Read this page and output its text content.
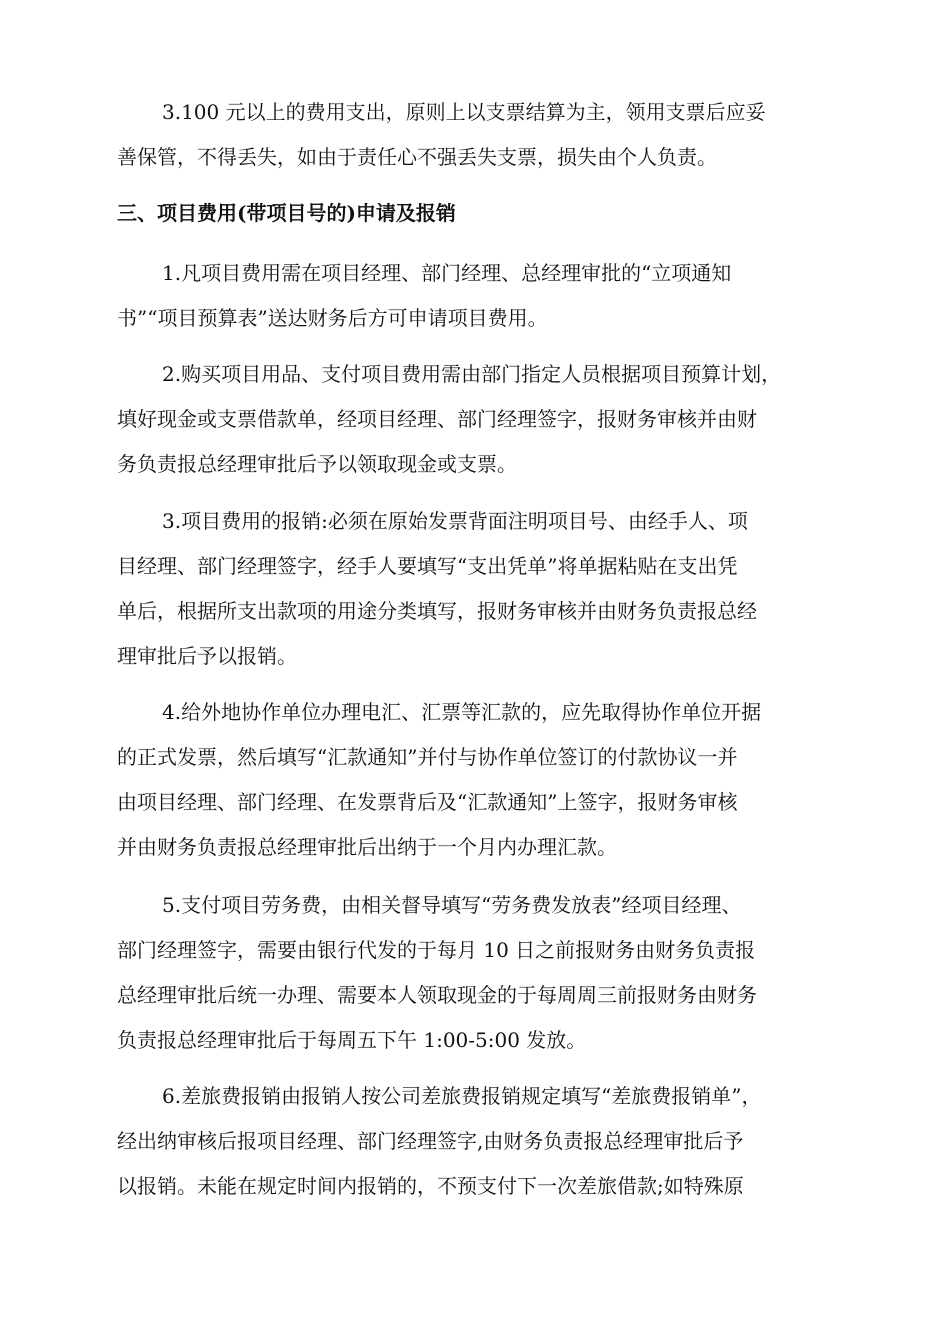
3.100 元以上的费用支出，原则上以支票结算为主，领用支票后应妥
善保管，不得丢失，如由于责任心不强丢失支票，损失由个人负责。
三、项目费用(带项目号的)申请及报销
1.凡项目费用需在项目经理、部门经理、总经理审批的“立项通知
书”“项目预算表”送达财务后方可申请项目费用。
2.购买项目用品、支付项目费用需由部门指定人员根据项目预算计划，
填好现金或支票借款单，经项目经理、部门经理签字，报财务审核并由财
务负责报总经理审批后予以领取现金或支票。
3.项目费用的报销:必须在原始发票背面注明项目号、由经手人、项
目经理、部门经理签字，经手人要填写“支出凭单”将单据粘贴在支出凭
单后，根据所支出款项的用途分类填写，报财务审核并由财务负责报总经
理审批后予以报销。
4.给外地协作单位办理电汇、汇票等汇款的，应先取得协作单位开据
的正式发票，然后填写“汇款通知”并付与协作单位签订的付款协议一并
由项目经理、部门经理、在发票背后及“汇款通知”上签字，报财务审核
并由财务负责报总经理审批后出纳于一个月内办理汇款。
5.支付项目劳务费，由相关督导填写“劳务费发放表”经项目经理、
部门经理签字，需要由银行代发的于每月 10 日之前报财务由财务负责报
总经理审批后统一办理、需要本人领取现金的于每周周三前报财务由财务
负责报总经理审批后于每周五下午 1:00-5:00 发放。
6.差旅费报销由报销人按公司差旅费报销规定填写“差旅费报销单”，
经出纳审核后报项目经理、部门经理签字,由财务负责报总经理审批后予
以报销。未能在规定时间内报销的，不预支付下一次差旅借款;如特殊原
